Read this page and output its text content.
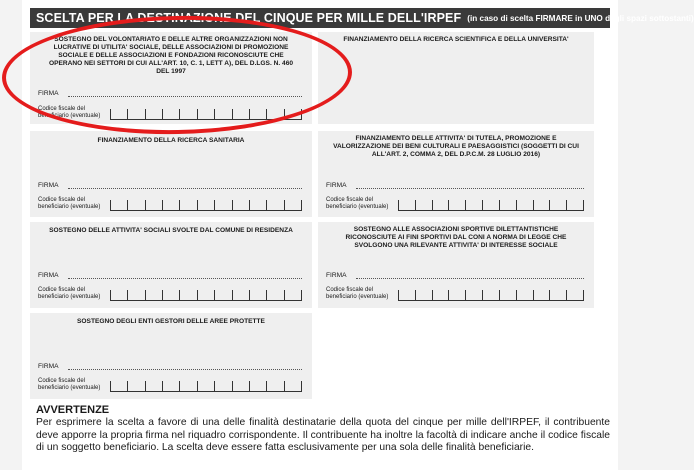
SCELTA PER LA DESTINAZIONE DEL CINQUE PER MILLE DELL'IRPEF (in caso di scelta FIRMARE in UNO degli spazi sottostanti)
SOSTEGNO DEL VOLONTARIATO E DELLE ALTRE ORGANIZZAZIONI NON LUCRATIVE DI UTILITA' SOCIALE, DELLE ASSOCIAZIONI DI PROMOZIONE SOCIALE E DELLE ASSOCIAZIONI E FONDAZIONI RICONOSCIUTE CHE OPERANO NEI SETTORI DI CUI ALL'ART. 10, C. 1, LETT A), DEL D.LGS. N. 460 DEL 1997
FIRMA
Codice fiscale del beneficiario (eventuale)
FINANZIAMENTO DELLA RICERCA SCIENTIFICA E DELLA UNIVERSITA'
FINANZIAMENTO DELLA RICERCA SANITARIA
FIRMA
Codice fiscale del beneficiario (eventuale)
FINANZIAMENTO DELLE ATTIVITA' DI TUTELA, PROMOZIONE E VALORIZZAZIONE DEI BENI CULTURALI E PAESAGGISTICI (SOGGETTI DI CUI ALL'ART. 2, COMMA 2, DEL D.P.C.M. 28 LUGLIO 2016)
FIRMA
Codice fiscale del beneficiario (eventuale)
SOSTEGNO DELLE ATTIVITA' SOCIALI SVOLTE DAL COMUNE DI RESIDENZA
FIRMA
Codice fiscale del beneficiario (eventuale)
SOSTEGNO ALLE ASSOCIAZIONI SPORTIVE DILETTANTISTICHE RICONOSCIUTE AI FINI SPORTIVI DAL CONI A NORMA DI LEGGE CHE SVOLGONO UNA RILEVANTE ATTIVITA' DI INTERESSE SOCIALE
FIRMA
Codice fiscale del beneficiario (eventuale)
SOSTEGNO DEGLI ENTI GESTORI DELLE AREE PROTETTE
FIRMA
Codice fiscale del beneficiario (eventuale)
AVVERTENZE
Per esprimere la scelta a favore di una delle finalità destinatarie della quota del cinque per mille dell'IRPEF, il contribuente deve apporre la propria firma nel riquadro corrispondente. Il contribuente ha inoltre la facoltà di indicare anche il codice fiscale di un soggetto beneficiario. La scelta deve essere fatta esclusivamente per una sola delle finalità beneficiarie.
